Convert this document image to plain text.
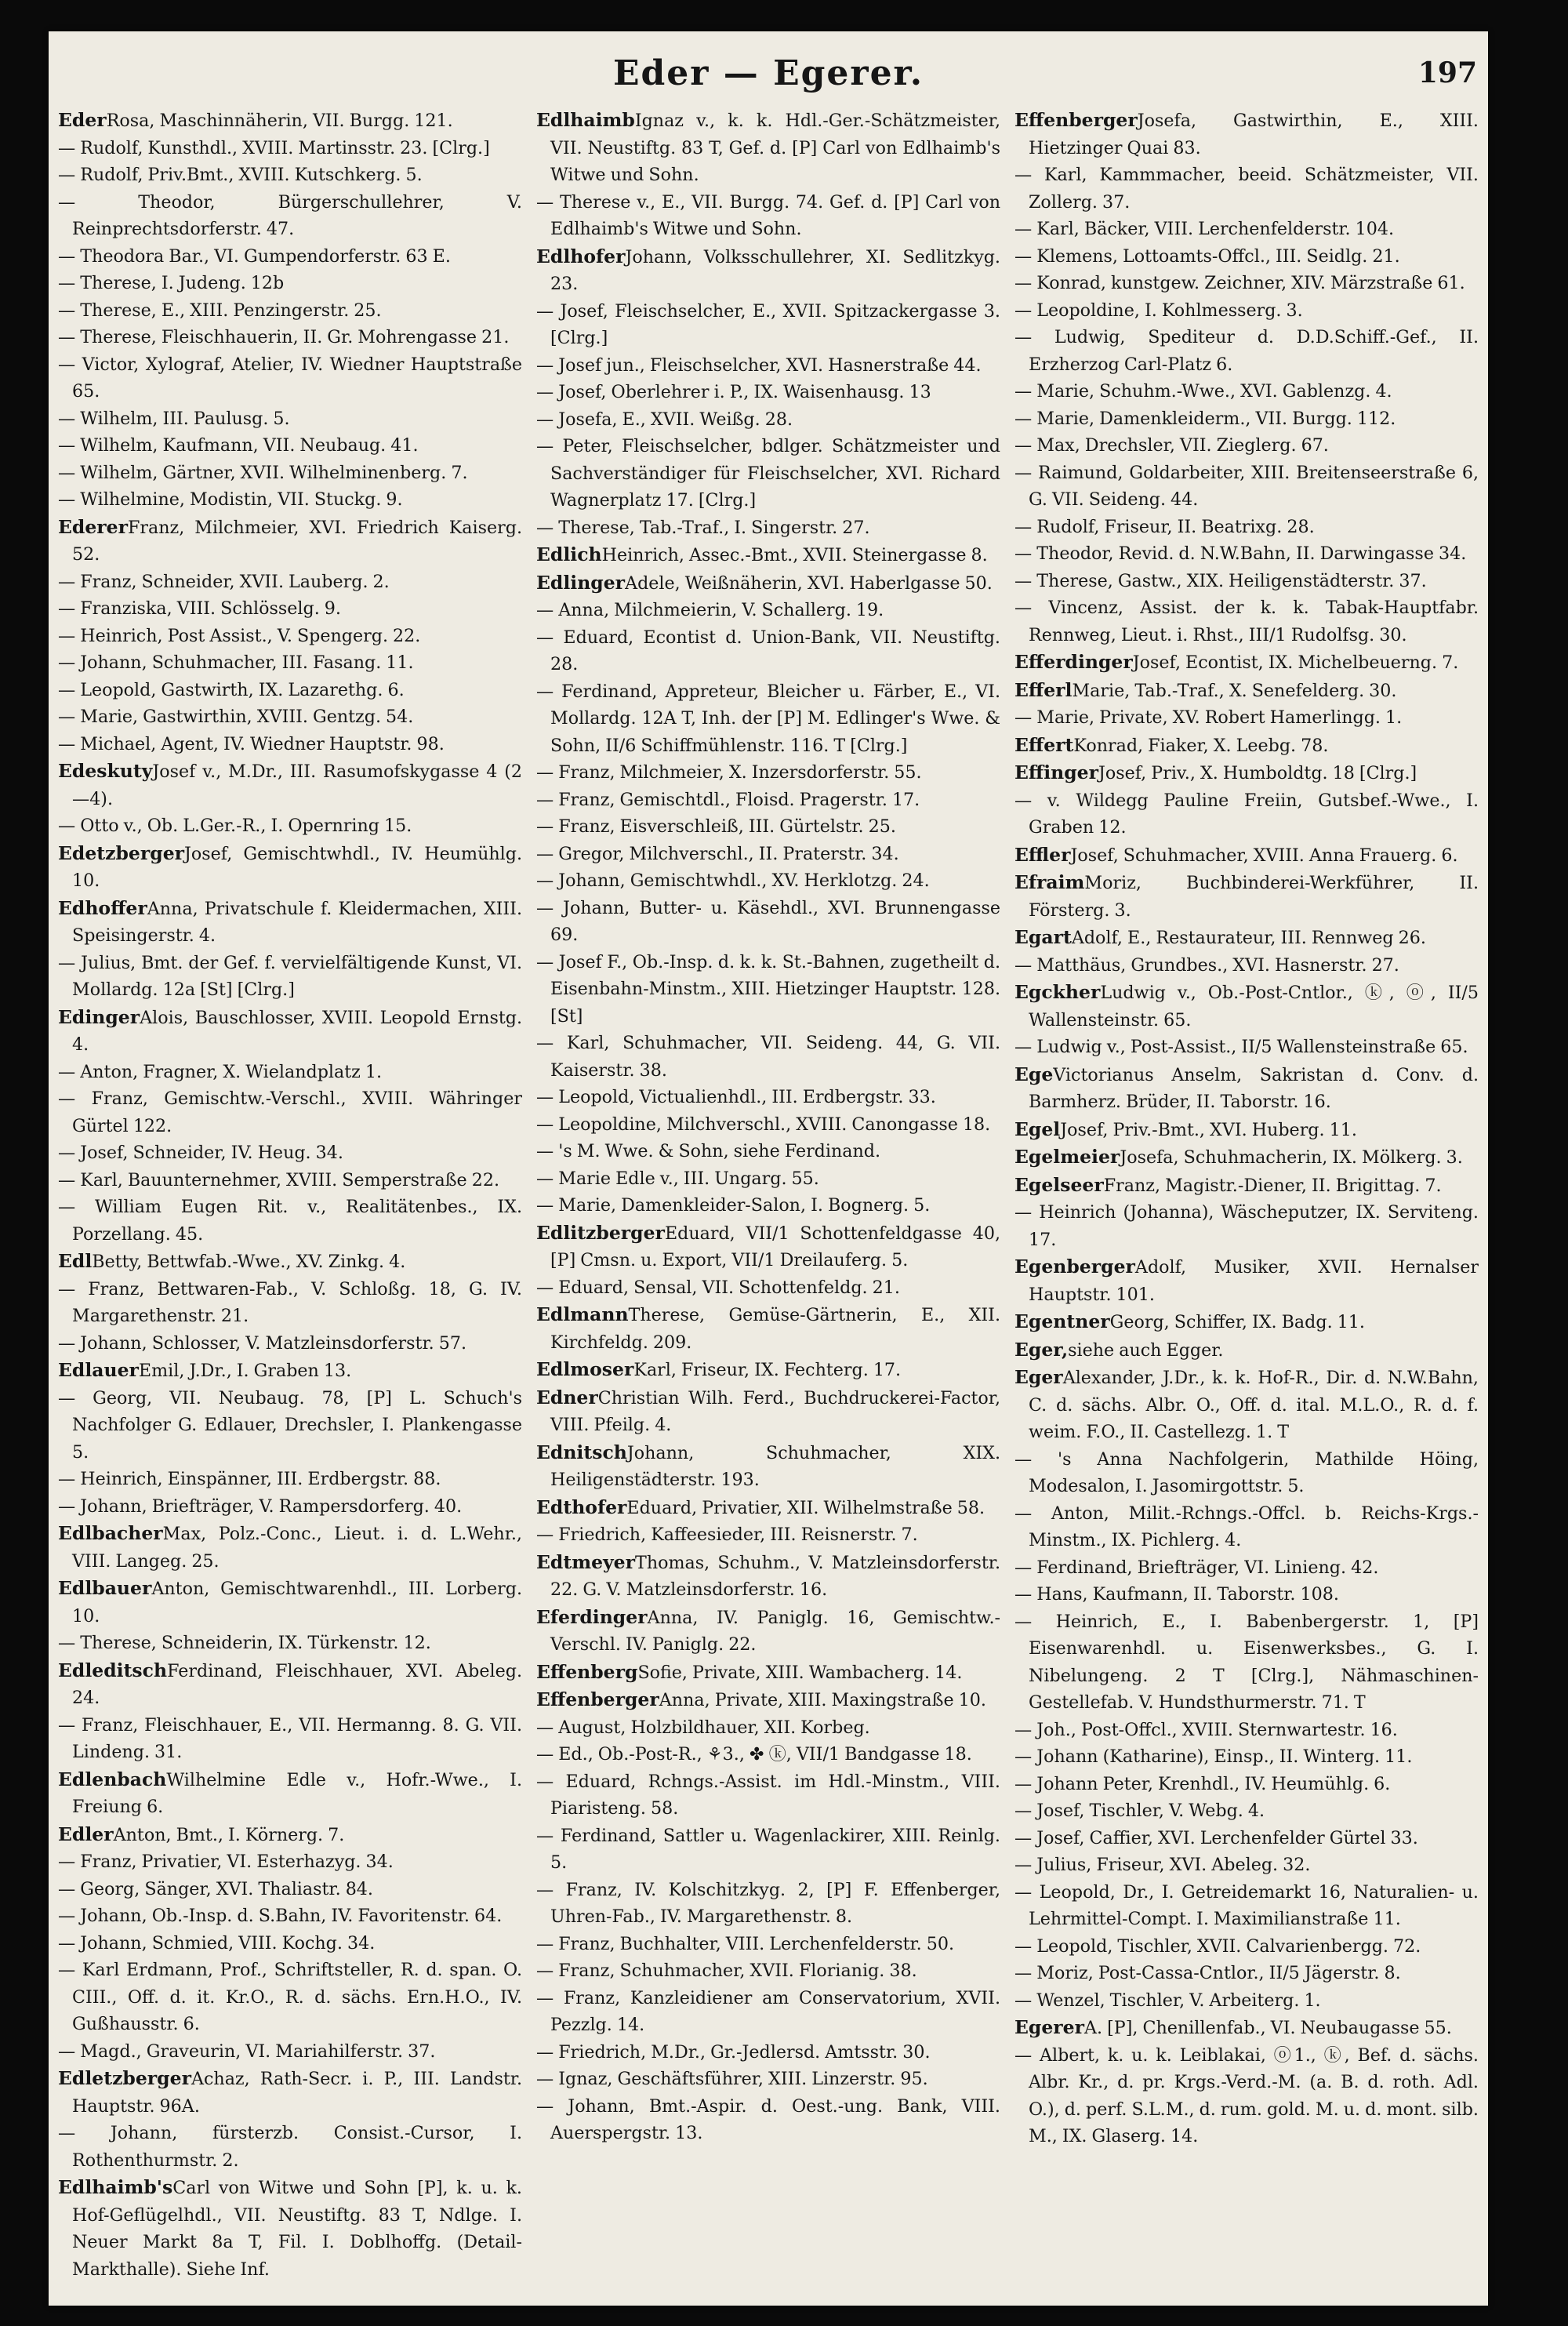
Eder — Egerer.	197
Eder Rosa, Maschinnäherin, VII. Burgg. 121.
— Rudolf, Kunsthdl., XVIII. Martinsstr. 23. [Clrg.]
— Rudolf, Priv.Bmt., XVIII. Kutschkerg. 5.
— Theodor, Bürgerschullehrer, V. Reinprechtsdorferstr. 47.
— Theodora Bar., VI. Gumpendorferstr. 63 E.
— Therese, I. Judeng. 12b
— Therese, E., XIII. Penzingerstr. 25.
— Therese, Fleischhauerin, II. Gr. Mohrengasse 21.
— Victor, Xylograf, Atelier, IV. Wiedner Hauptstraße 65.
— Wilhelm, III. Paulusg. 5.
— Wilhelm, Kaufmann, VII. Neubaug. 41.
— Wilhelm, Gärtner, XVII. Wilhelminenberg. 7.
— Wilhelmine, Modistin, VII. Stuckg. 9.
Ederer Franz, Milchmeier, XVI. Friedrich Kaiserg. 52.
— Franz, Schneider, XVII. Lauberg. 2.
— Franziska, VIII. Schlösselg. 9.
— Heinrich, Post Assist., V. Spengerg. 22.
— Johann, Schuhmacher, III. Fasang. 11.
— Leopold, Gastwirth, IX. Lazarethg. 6.
— Marie, Gastwirthin, XVIII. Gentzg. 54.
— Michael, Agent, IV. Wiedner Hauptstr. 98.
Edeskuty Josef v., M.Dr., III. Rasumofskygasse 4 (2—4).
— Otto v., Ob. L.Ger.-R., I. Opernring 15.
Edetzberger Josef, Gemischtwhdl., IV. Heumühlg. 10.
Edhoffer Anna, Privatschule f. Kleidermachen, XIII. Speisingerstr. 4.
— Julius, Bmt. der Gef. f. vervielfältigende Kunst, VI. Mollardg. 12a [St] [Clrg.]
Edinger Alois, Bauschlosser, XVIII. Leopold Ernstg. 4.
— Anton, Fragner, X. Wielandplatz 1.
— Franz, Gemischtw.-Verschl., XVIII. Währinger Gürtel 122.
— Josef, Schneider, IV. Heug. 34.
— Karl, Bauunternehmer, XVIII. Semperstraße 22.
— William Eugen Rit. v., Realitätenbes., IX. Porzellang. 45.
Edl Betty, Bettwfab.-Wwe., XV. Zinkg. 4.
— Franz, Bettwaren-Fab., V. Schloßg. 18, G. IV. Margarethenstr. 21.
— Johann, Schlosser, V. Matzleinsdorferstr. 57.
Edlauer Emil, J.Dr., I. Graben 13.
— Georg, VII. Neubaug. 78, [P] L. Schuch's Nachfolger G. Edlauer, Drechsler, I. Plankengasse 5.
— Heinrich, Einspänner, III. Erdbergstr. 88.
— Johann, Briefträger, V. Rampersdorferg. 40.
Edlbacher Max, Polz.-Conc., Lieut. i. d. L.Wehr., VIII. Langeg. 25.
Edlbauer Anton, Gemischtwarenhdl., III. Lorberg. 10.
— Therese, Schneiderin, IX. Türkenstr. 12.
Edleditsch Ferdinand, Fleischhauer, XVI. Abeleg. 24.
— Franz, Fleischhauer, E., VII. Hermanng. 8. G. VII. Lindeng. 31.
Edlenbach Wilhelmine Edle v., Hofr.-Wwe., I. Freiung 6.
Edler Anton, Bmt., I. Körnerg. 7.
— Franz, Privatier, VI. Esterhazyg. 34.
— Georg, Sänger, XVI. Thaliastr. 84.
— Johann, Ob.-Insp. d. S.Bahn, IV. Favoritenstr. 64.
— Johann, Schmied, VIII. Kochg. 34.
— Karl Erdmann, Prof., Schriftsteller, R. d. span. O. CIII., Off. d. it. Kr.O., R. d. sächs. Ern.H.O., IV. Gußhausstr. 6.
— Magd., Graveurin, VI. Mariahilferstr. 37.
Edletzberger Achaz, Rath-Secr. i. P., III. Landstr. Hauptstr. 96A.
— Johann, fürsterzb. Consist.-Cursor, I. Rothenthurmstr. 2.
Edlhaimb's Carl von Witwe und Sohn [P], k. u. k. Hof-Geflügelhdl., VII. Neustiftg. 83 T, Ndlge. I. Neuer Markt 8a T, Fil. I. Doblhoffg. (Detail-Markthalle). Siehe Inf.
Edlhaimb Ignaz v., k. k. Hdl.-Ger.-Schätzmeister, VII. Neustiftg. 83 T, Gef. d. [P] Carl von Edlhaimb's Witwe und Sohn.
— Therese v., E., VII. Burgg. 74. Gef. d. [P] Carl von Edlhaimb's Witwe und Sohn.
Edlhofer Johann, Volksschullehrer, XI. Sedlitzkyg. 23.
— Josef, Fleischselcher, E., XVII. Spitzackergasse 3. [Clrg.]
— Josef jun., Fleischselcher, XVI. Hasnerstraße 44.
— Josef, Oberlehrer i. P., IX. Waisenhausg. 13
— Josefa, E., XVII. Weißg. 28.
— Peter, Fleischselcher, bdlger. Schätzmeister und Sachverständiger für Fleischselcher, XVI. Richard Wagnerplatz 17. [Clrg.]
— Therese, Tab.-Traf., I. Singerstr. 27.
Edlich Heinrich, Assec.-Bmt., XVII. Steinergasse 8.
Edlinger Adele, Weißnäherin, XVI. Haberlgasse 50.
— Anna, Milchmeierin, V. Schallerg. 19.
— Eduard, Econtist d. Union-Bank, VII. Neustiftg. 28.
— Ferdinand, Appreteur, Bleicher u. Färber, E., VI. Mollardg. 12A T, Inh. der [P] M. Edlinger's Wwe. & Sohn, II/6 Schiffmühlenstr. 116. T [Clrg.]
— Franz, Milchmeier, X. Inzersdorferstr. 55.
— Franz, Gemischtdl., Floisd. Pragerstr. 17.
— Franz, Eisverschleiß, III. Gürtelstr. 25.
— Gregor, Milchverschl., II. Praterstr. 34.
— Johann, Gemischtwhdl., XV. Herklotzg. 24.
— Johann, Butter- u. Käsehdl., XVI. Brunnengasse 69.
— Josef F., Ob.-Insp. d. k. k. St.-Bahnen, zugetheilt d. Eisenbahn-Minstm., XIII. Hietzinger Hauptstr. 128. [St]
— Karl, Schuhmacher, VII. Seideng. 44, G. VII. Kaiserstr. 38.
— Leopold, Victualienhdl., III. Erdbergstr. 33.
— Leopoldine, Milchverschl., XVIII. Canongasse 18.
— 's M. Wwe. & Sohn, siehe Ferdinand.
— Marie Edle v., III. Ungarg. 55.
— Marie, Damenkleider-Salon, I. Bognerg. 5.
Edlitzberger Eduard, VII/1 Schottenfeldgasse 40, [P] Cmsn. u. Export, VII/1 Dreilauferg. 5.
— Eduard, Sensal, VII. Schottenfeldg. 21.
Edlmann Therese, Gemüse-Gärtnerin, E., XII. Kirchfeldg. 209.
Edlmoser Karl, Friseur, IX. Fechterg. 17.
Edner Christian Wilh. Ferd., Buchdruckerei-Factor, VIII. Pfeilg. 4.
Ednitsch Johann, Schuhmacher, XIX. Heiligenstädterstr. 193.
Edthofer Eduard, Privatier, XII. Wilhelmstraße 58.
— Friedrich, Kaffeesieder, III. Reisnerstr. 7.
Edtmeyer Thomas, Schuhm., V. Matzleinsdorferstr. 22. G. V. Matzleinsdorferstr. 16.
Eferdinger Anna, IV. Paniglg. 16, Gemischtw.-Verschl. IV. Paniglg. 22.
Effenberg Sofie, Private, XIII. Wambacherg. 14.
Effenberger Anna, Private, XIII. Maxingstraße 10.
— August, Holzbildhauer, XII. Korbeg.
— Ed., Ob.-Post-R., ⚘3., ✤ ⓚ, VII/1 Bandgasse 18.
— Eduard, Rchngs.-Assist. im Hdl.-Minstm., VIII. Piaristeng. 58.
— Ferdinand, Sattler u. Wagenlackirer, XIII. Reinlg. 5.
— Franz, IV. Kolschitzkyg. 2, [P] F. Effenberger, Uhren-Fab., IV. Margarethenstr. 8.
— Franz, Buchhalter, VIII. Lerchenfelderstr. 50.
— Franz, Schuhmacher, XVII. Florianig. 38.
— Franz, Kanzleidiener am Conservatorium, XVII. Pezzlg. 14.
— Friedrich, M.Dr., Gr.-Jedlersd. Amtsstr. 30.
— Ignaz, Geschäftsführer, XIII. Linzerstr. 95.
— Johann, Bmt.-Aspir. d. Oest.-ung. Bank, VIII. Auerspergstr. 13.
Effenberger Josefa, Gastwirthin, E., XIII. Hietzinger Quai 83.
— Karl, Kammmacher, beeid. Schätzmeister, VII. Zollerg. 37.
— Karl, Bäcker, VIII. Lerchenfelderstr. 104.
— Klemens, Lottoamts-Offcl., III. Seidlg. 21.
— Konrad, kunstgew. Zeichner, XIV. Märzstraße 61.
— Leopoldine, I. Kohlmesserg. 3.
— Ludwig, Spediteur d. D.D.Schiff.-Gef., II. Erzherzog Carl-Platz 6.
— Marie, Schuhm.-Wwe., XVI. Gablenzg. 4.
— Marie, Damenkleiderm., VII. Burgg. 112.
— Max, Drechsler, VII. Zieglerg. 67.
— Raimund, Goldarbeiter, XIII. Breitenseerstraße 6, G. VII. Seideng. 44.
— Rudolf, Friseur, II. Beatrixg. 28.
— Theodor, Revid. d. N.W.Bahn, II. Darwingasse 34.
— Therese, Gastw., XIX. Heiligenstädterstr. 37.
— Vincenz, Assist. der k. k. Tabak-Hauptfabr. Rennweg, Lieut. i. Rhst., III/1 Rudolfsg. 30.
Efferdinger Josef, Econtist, IX. Michelbeuerng. 7.
Efferl Marie, Tab.-Traf., X. Senefelderg. 30.
— Marie, Private, XV. Robert Hamerlingg. 1.
Effert Konrad, Fiaker, X. Leebg. 78.
Effinger Josef, Priv., X. Humboldtg. 18 [Clrg.]
— v. Wildegg Pauline Freiin, Gutsbef.-Wwe., I. Graben 12.
Effler Josef, Schuhmacher, XVIII. Anna Frauerg. 6.
Efraim Moriz, Buchbinderei-Werkführer, II. Försterg. 3.
Egart Adolf, E., Restaurateur, III. Rennweg 26.
— Matthäus, Grundbes., XVI. Hasnerstr. 27.
Egckher Ludwig v., Ob.-Post-Cntlor., ⓚ, ⓞ, II/5 Wallensteinstr. 65.
— Ludwig v., Post-Assist., II/5 Wallensteinstraße 65.
Ege Victorianus Anselm, Sakristan d. Conv. d. Barmherz. Brüder, II. Taborstr. 16.
Egel Josef, Priv.-Bmt., XVI. Huberg. 11.
Egelmeier Josefa, Schuhmacherin, IX. Mölkerg. 3.
Egelseer Franz, Magistr.-Diener, II. Brigittag. 7.
— Heinrich (Johanna), Wäscheputzer, IX. Serviteng. 17.
Egenberger Adolf, Musiker, XVII. Hernalser Hauptstr. 101.
Egentner Georg, Schiffer, IX. Badg. 11.
Eger, siehe auch Egger.
Eger Alexander, J.Dr., k. k. Hof-R., Dir. d. N.W.Bahn, C. d. sächs. Albr. O., Off. d. ital. M.L.O., R. d. f. weim. F.O., II. Castellezg. 1. T
— 's Anna Nachfolgerin, Mathilde Höing, Modesalon, I. Jasomirgottstr. 5.
— Anton, Milit.-Rchngs.-Offcl. b. Reichs-Krgs.-Minstm., IX. Pichlerg. 4.
— Ferdinand, Briefträger, VI. Linieng. 42.
— Hans, Kaufmann, II. Taborstr. 108.
— Heinrich, E., I. Babenbergerstr. 1, [P] Eisenwarenhdl. u. Eisenwerksbes., G. I. Nibelungeng. 2 T [Clrg.], Nähmaschinen-Gestellefab. V. Hundsthurmerstr. 71. T
— Joh., Post-Offcl., XVIII. Sternwartestr. 16.
— Johann (Katharine), Einsp., II. Winterg. 11.
— Johann Peter, Krenhdl., IV. Heumühlg. 6.
— Josef, Tischler, V. Webg. 4.
— Josef, Caffier, XVI. Lerchenfelder Gürtel 33.
— Julius, Friseur, XVI. Abeleg. 32.
— Leopold, Dr., I. Getreidemarkt 16, Naturalien- u. Lehrmittel-Compt. I. Maximilianstraße 11.
— Leopold, Tischler, XVII. Calvarienbergg. 72.
— Moriz, Post-Cassa-Cntlor., II/5 Jägerstr. 8.
— Wenzel, Tischler, V. Arbeiterg. 1.
Egerer A. [P], Chenillenfab., VI. Neubaugasse 55.
— Albert, k. u. k. Leiblakai, ⓞ1., ⓚ, Bef. d. sächs. Albr. Kr., d. pr. Krgs.-Verd.-M. (a. B. d. roth. Adl. O.), d. perf. S.L.M., d. rum. gold. M. u. d. mont. silb. M., IX. Glaserg. 14.
